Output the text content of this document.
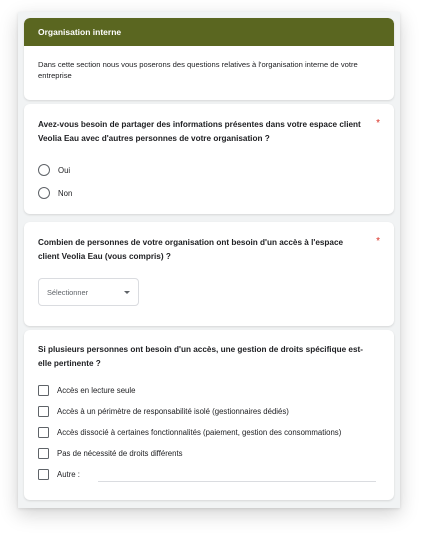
Organisation interne
Dans cette section nous vous poserons des questions relatives à l'organisation interne de votre entreprise
Avez-vous besoin de partager des informations présentes dans votre espace client Veolia Eau avec d'autres personnes de votre organisation ?
*
Oui
Non
Combien de personnes de votre organisation ont besoin d'un accès à l'espace client Veolia Eau (vous compris) ?
*
Sélectionner
Si plusieurs personnes ont besoin d'un accès, une gestion de droits spécifique est-elle pertinente ?
Accès en lecture seule
Accès à un périmètre de responsabilité isolé (gestionnaires dédiés)
Accès dissocié à certaines fonctionnalités (paiement, gestion des consommations)
Pas de nécessité de droits différents
Autre :
